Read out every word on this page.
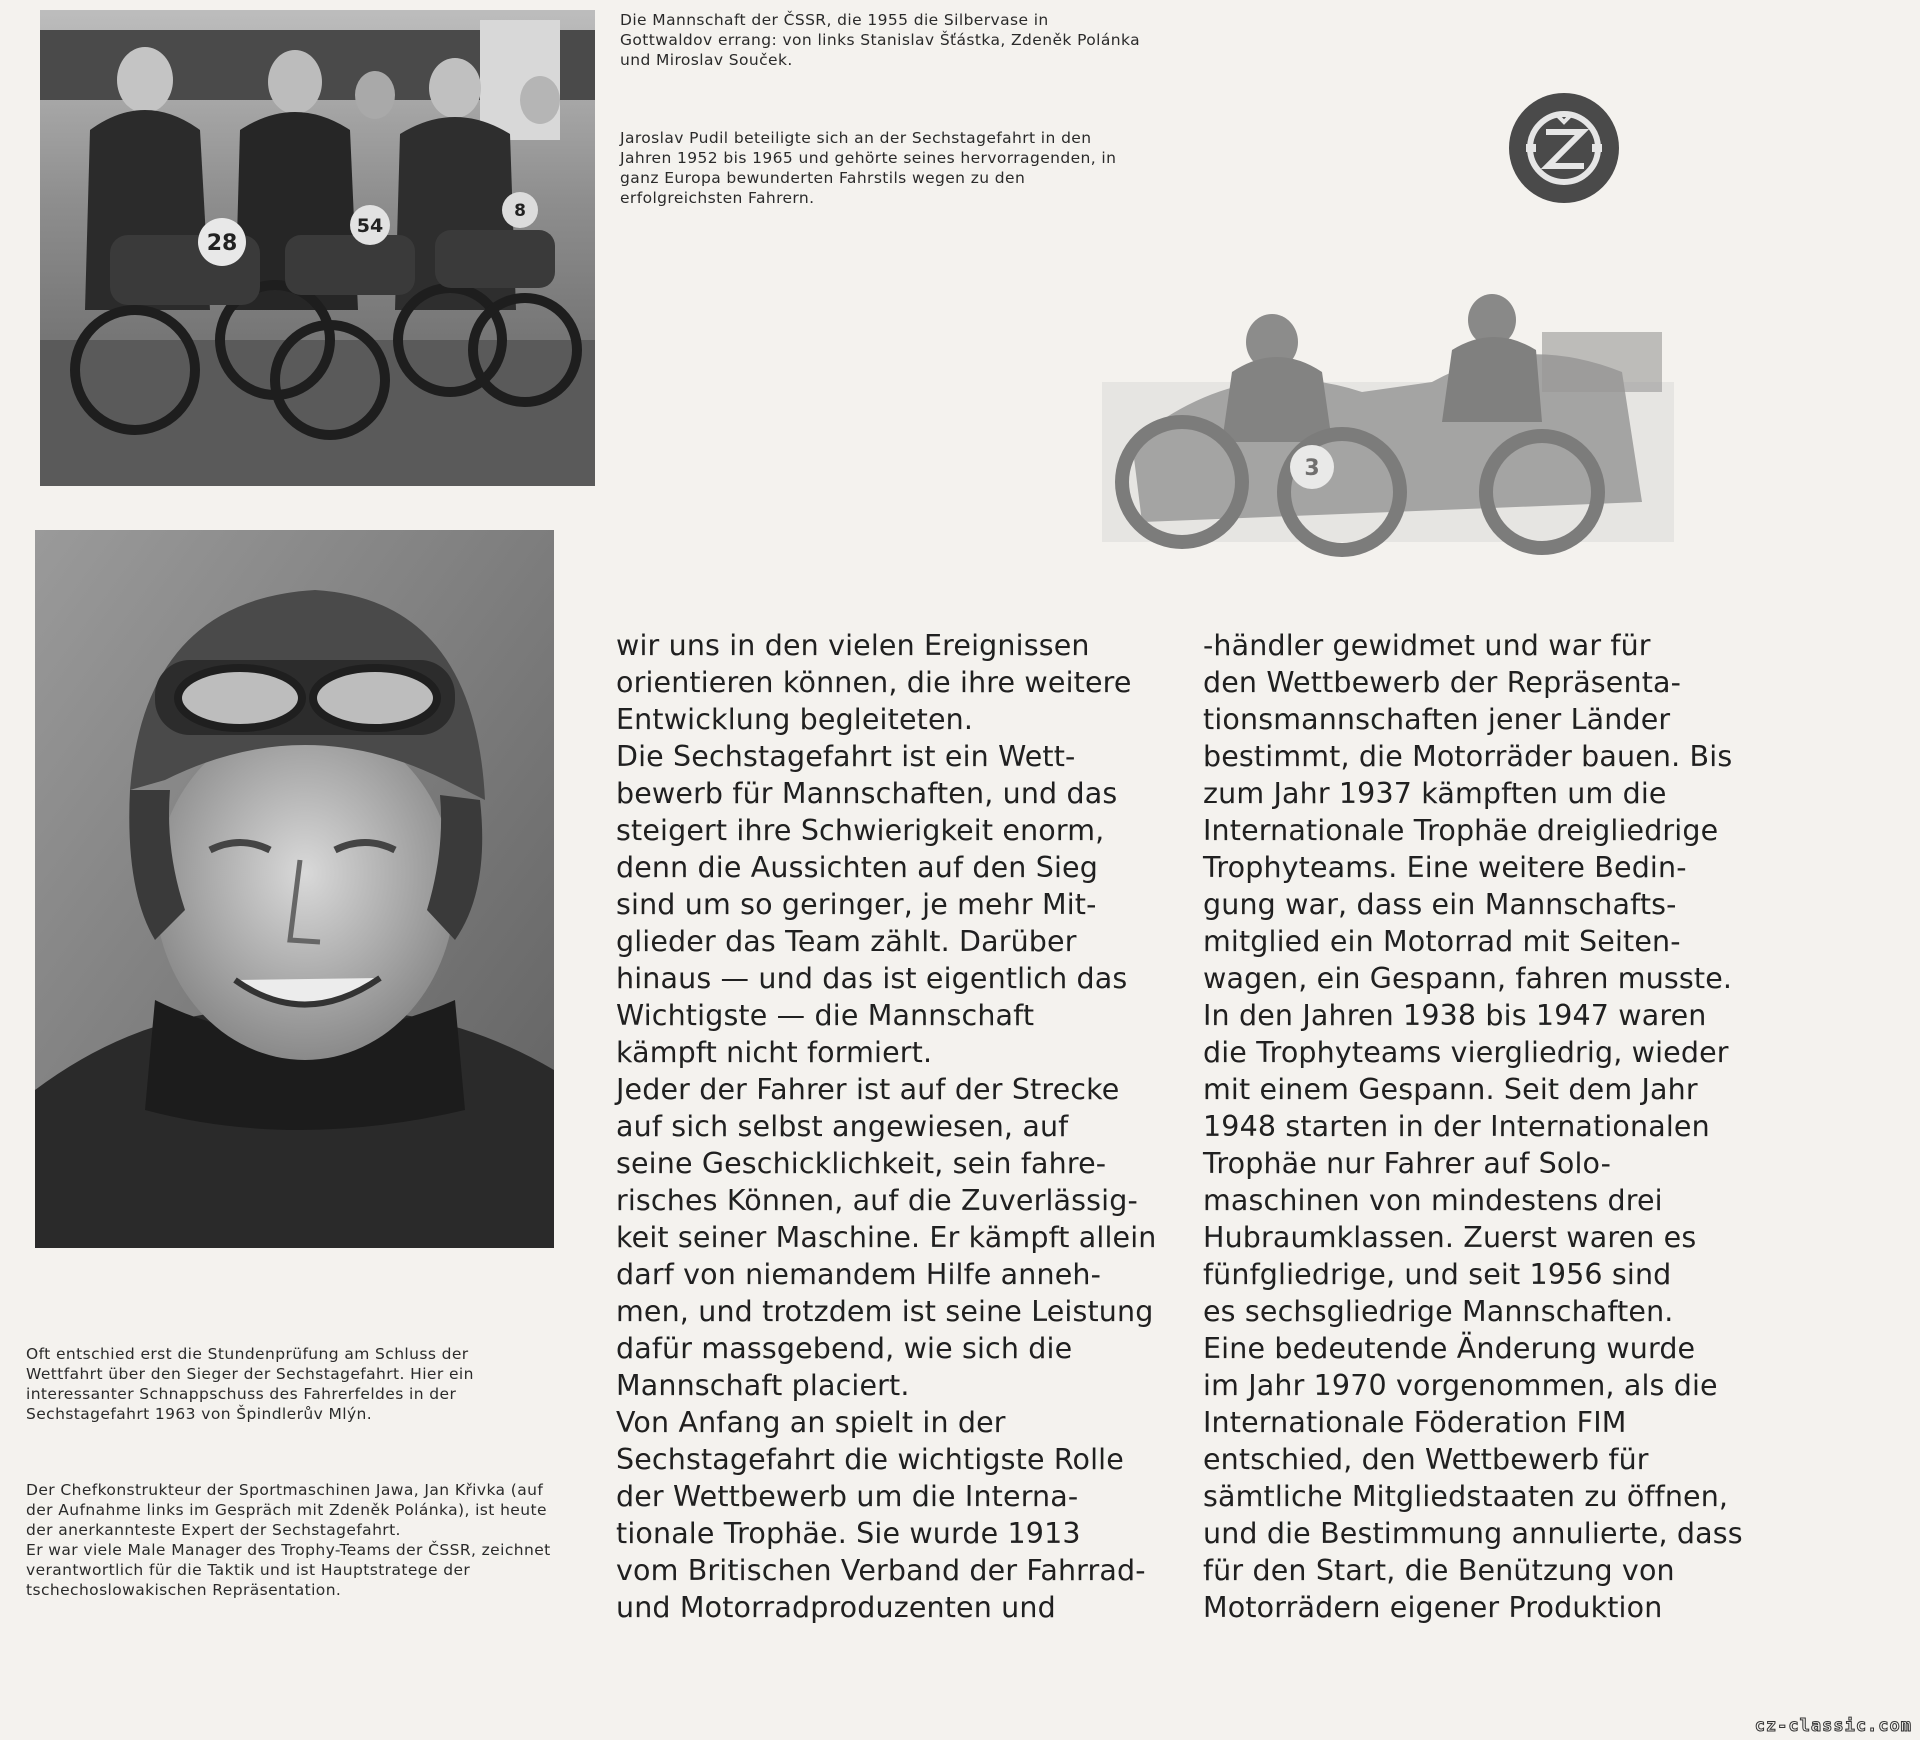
28
54
8

Die Mannschaft der ČSSR, die 1955 die Silbervase in Gottwaldov errang: von links Stanislav Šťástka, Zdeněk Polánka und Miroslav Souček.

Jaroslav Pudil beteiligte sich an der Sechstagefahrt in den Jahren 1952 bis 1965 und gehörte seines hervorragenden, in ganz Europa bewunderten Fahrstils wegen zu den erfolgreichsten Fahrern.

3

Oft entschied erst die Stundenprüfung am Schluss der Wettfahrt über den Sieger der Sechstagefahrt. Hier ein interessanter Schnappschuss des Fahrerfeldes in der Sechstagefahrt 1963 von Špindlerův Mlýn.

Der Chefkonstrukteur der Sportmaschinen Jawa, Jan Křivka (auf der Aufnahme links im Gespräch mit Zdeněk Polánka), ist heute der anerkannteste Expert der Sechstagefahrt.
Er war viele Male Manager des Trophy-Teams der ČSSR, zeichnet verantwortlich für die Taktik und ist Hauptstratege der tschechoslowakischen Repräsentation.

wir uns in den vielen Ereignissen
orientieren können, die ihre weitere
Entwicklung begleiteten.
Die Sechstagefahrt ist ein Wett-
bewerb für Mannschaften, und das
steigert ihre Schwierigkeit enorm,
denn die Aussichten auf den Sieg
sind um so geringer, je mehr Mit-
glieder das Team zählt. Darüber
hinaus — und das ist eigentlich das
Wichtigste — die Mannschaft
kämpft nicht formiert.
Jeder der Fahrer ist auf der Strecke
auf sich selbst angewiesen, auf
seine Geschicklichkeit, sein fahre-
risches Können, auf die Zuverlässig-
keit seiner Maschine. Er kämpft allein
darf von niemandem Hilfe anneh-
men, und trotzdem ist seine Leistung
dafür massgebend, wie sich die
Mannschaft placiert.
Von Anfang an spielt in der
Sechstagefahrt die wichtigste Rolle
der Wettbewerb um die Interna-
tionale Trophäe. Sie wurde 1913
vom Britischen Verband der Fahrrad-
und Motorradproduzenten und

-händler gewidmet und war für
den Wettbewerb der Repräsenta-
tionsmannschaften jener Länder
bestimmt, die Motorräder bauen. Bis
zum Jahr 1937 kämpften um die
Internationale Trophäe dreigliedrige
Trophyteams. Eine weitere Bedin-
gung war, dass ein Mannschafts-
mitglied ein Motorrad mit Seiten-
wagen, ein Gespann, fahren musste.
In den Jahren 1938 bis 1947 waren
die Trophyteams viergliedrig, wieder
mit einem Gespann. Seit dem Jahr
1948 starten in der Internationalen
Trophäe nur Fahrer auf Solo-
maschinen von mindestens drei
Hubraumklassen. Zuerst waren es
fünfgliedrige, und seit 1956 sind
es sechsgliedrige Mannschaften.
Eine bedeutende Änderung wurde
im Jahr 1970 vorgenommen, als die
Internationale Föderation FIM
entschied, den Wettbewerb für
sämtliche Mitgliedstaaten zu öffnen,
und die Bestimmung annulierte, dass
für den Start, die Benützung von
Motorrädern eigener Produktion

cz-classic.com
